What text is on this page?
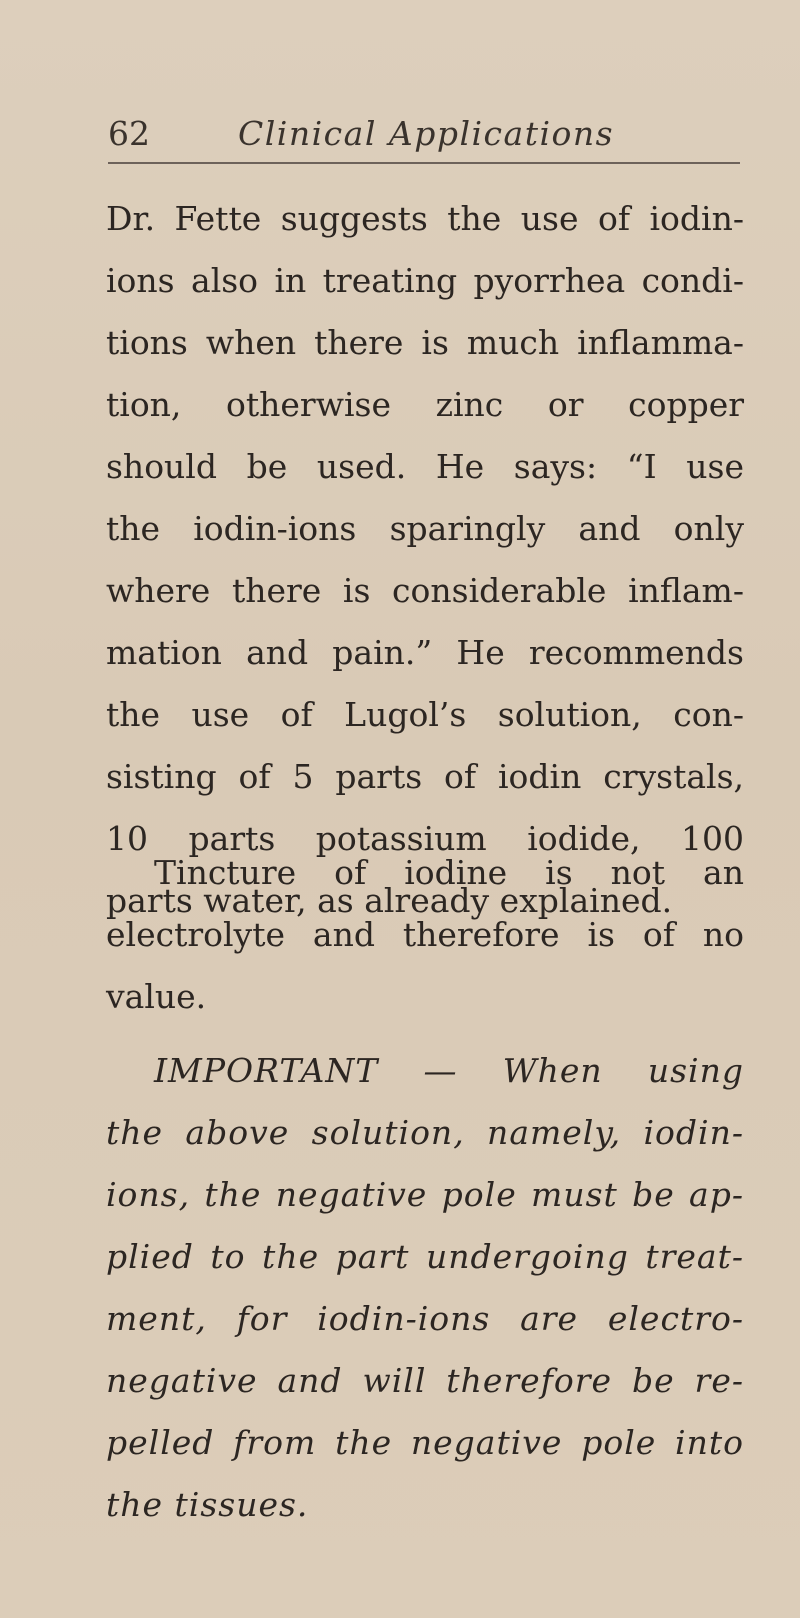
62	Clinical Applications

Dr. Fette suggests the use of iodin-
ions also in treating pyorrhea condi-
tions when there is much inflamma-
tion, otherwise zinc or copper
should be used. He says: “I use
the iodin-ions sparingly and only
where there is considerable inflam-
mation and pain.” He recommends
the use of Lugol’s solution, con-
sisting of 5 parts of iodin crystals,
10 parts potassium iodide, 100
parts water, as already explained.

Tincture of iodine is not an
electrolyte and therefore is of no
value.

IMPORTANT — When using
the above solution, namely, iodin-
ions, the negative pole must be ap-
plied to the part undergoing treat-
ment, for iodin-ions are electro-
negative and will therefore be re-
pelled from the negative pole into
the tissues.
